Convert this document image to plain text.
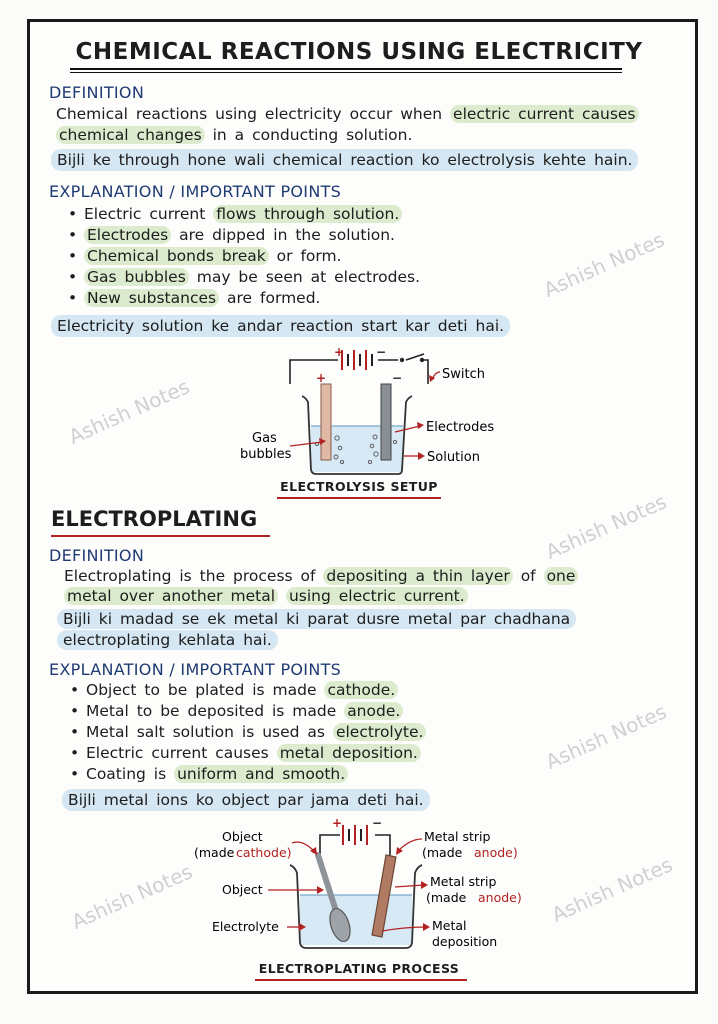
CHEMICAL REACTIONS USING ELECTRICITY
DEFINITION
Chemical reactions using electricity occur when electric current causes
chemical changes in a conducting solution.
Bijli ke through hone wali chemical reaction ko electrolysis kehte hain.
EXPLANATION / IMPORTANT POINTS
• Electric current flows through solution.
• Electrodes are dipped in the solution.
• Chemical bonds break or form.
• Gas bubbles may be seen at electrodes.
• New substances are formed.
Electricity solution ke andar reaction start kar deti hai.
+	−
Switch
+	−
Gas
bubbles
Electrodes
Solution
ELECTROLYSIS SETUP
ELECTROPLATING
DEFINITION
Electroplating is the process of depositing a thin layer of one
metal over another metal using electric current.
Bijli ki madad se ek metal ki parat dusre metal par chadhana
electroplating kehlata hai.
EXPLANATION / IMPORTANT POINTS
• Object to be plated is made cathode.
• Metal to be deposited is made anode.
• Metal salt solution is used as electrolyte.
• Electric current causes metal deposition.
• Coating is uniform and smooth.
Bijli metal ions ko object par jama deti hai.
+ −
Object
(made cathode)
Object
Electrolyte
Metal strip
(made anode)
Metal strip
(made anode)
Metal
deposition
ELECTROPLATING PROCESS
Ashish Notes
Ashish Notes
Ashish Notes
Ashish Notes
Ashish Notes	Ashish Notes
